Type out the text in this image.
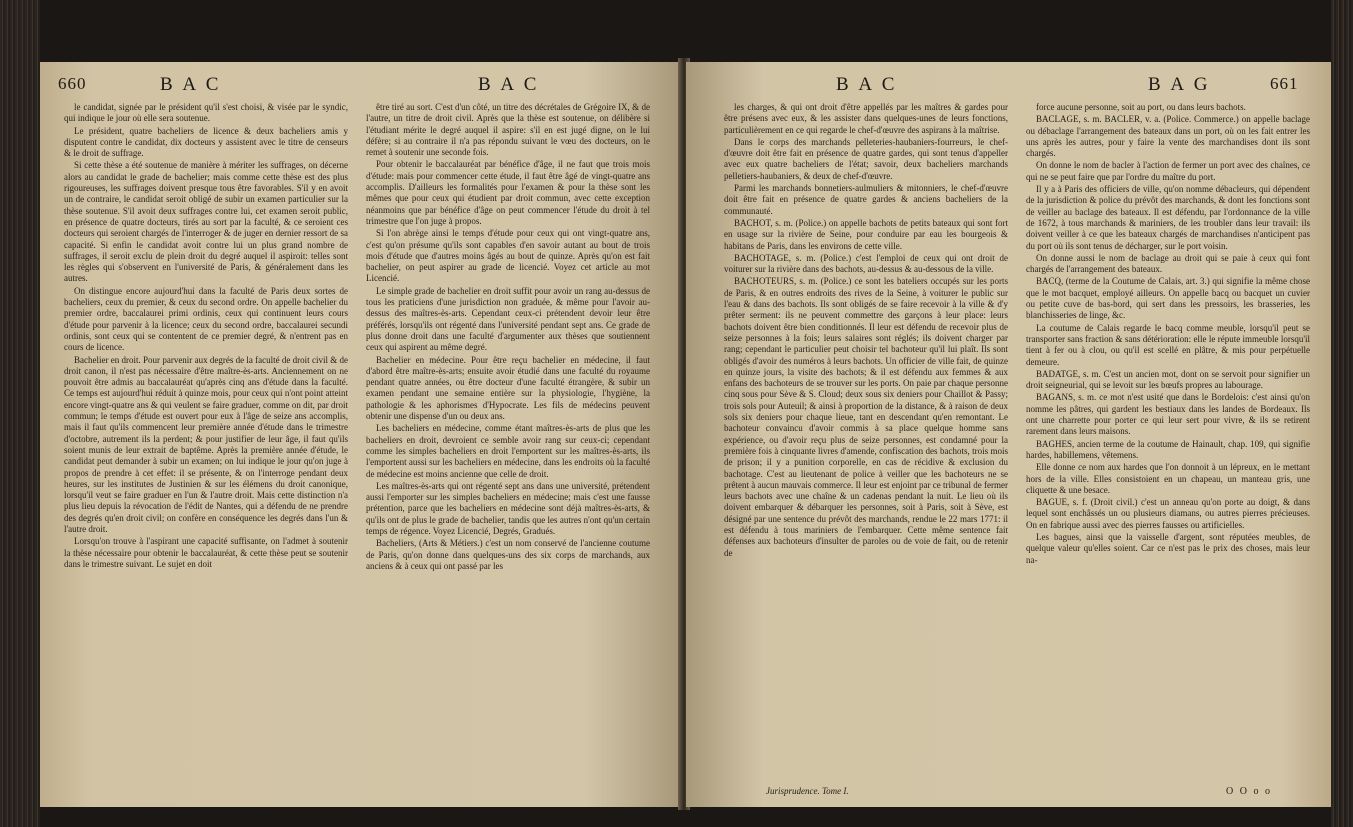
660	B A C	B A C

le candidat, signée par le président qu'il s'est choisi, & visée par le syndic, qui indique le jour où elle sera soutenue.

Le président, quatre bacheliers de licence & deux bacheliers amis y disputent contre le candidat, dix docteurs y assistent avec le titre de censeurs & le droit de suffrage.

Si cette thèse a été soutenue de manière à mériter les suffrages, on décerne alors au candidat le grade de bachelier; mais comme cette thèse est des plus rigoureuses, les suffrages doivent presque tous être favorables. S'il y en avoit un de contraire, le candidat seroit obligé de subir un examen particulier sur la thèse soutenue. S'il avoit deux suffrages contre lui, cet examen seroit public, en présence de quatre docteurs, tirés au sort par la faculté, & ce seroient ces docteurs qui seroient chargés de l'interroger & de juger en dernier ressort de sa capacité. Si enfin le candidat avoit contre lui un plus grand nombre de suffrages, il seroit exclu de plein droit du degré auquel il aspiroit: telles sont les règles qui s'observent en l'université de Paris, & généralement dans les autres.

On distingue encore aujourd'hui dans la faculté de Paris deux sortes de bacheliers, ceux du premier, & ceux du second ordre. On appelle bachelier du premier ordre, baccalaurei primi ordinis, ceux qui continuent leurs cours d'étude pour parvenir à la licence; ceux du second ordre, baccalaurei secundi ordinis, sont ceux qui se contentent de ce premier degré, & n'entrent pas en cours de licence.

Bachelier en droit. Pour parvenir aux degrés de la faculté de droit civil & de droit canon, il n'est pas nécessaire d'être maître-ès-arts. Anciennement on ne pouvoit être admis au baccalauréat qu'après cinq ans d'étude dans la faculté. Ce temps est aujourd'hui réduit à quinze mois, pour ceux qui n'ont point atteint encore vingt-quatre ans & qui veulent se faire graduer, comme on dit, par droit commun; le temps d'étude est ouvert pour eux à l'âge de seize ans accomplis, mais il faut qu'ils commencent leur première année d'étude dans le trimestre d'octobre, autrement ils la perdent; & pour justifier de leur âge, il faut qu'ils soient munis de leur extrait de baptême. Après la première année d'étude, le candidat peut demander à subir un examen; on lui indique le jour qu'on juge à propos de prendre à cet effet: il se présente, & on l'interroge pendant deux heures, sur les institutes de Justinien & sur les élémens du droit canonique, lorsqu'il veut se faire graduer en l'un & l'autre droit. Mais cette distinction n'a plus lieu depuis la révocation de l'édit de Nantes, qui a défendu de ne prendre des degrés qu'en droit civil; on confère en conséquence les degrés dans l'un & l'autre droit.

Lorsqu'on trouve à l'aspirant une capacité suffisante, on l'admet à soutenir la thèse nécessaire pour obtenir le baccalauréat, & cette thèse peut se soutenir dans le trimestre suivant. Le sujet en doit

être tiré au sort. C'est d'un côté, un titre des décrétales de Grégoire IX, & de l'autre, un titre de droit civil. Après que la thèse est soutenue, on délibère si l'étudiant mérite le degré auquel il aspire: s'il en est jugé digne, on le lui défère; si au contraire il n'a pas répondu suivant le vœu des docteurs, on le remet à soutenir une seconde fois.

Pour obtenir le baccalauréat par bénéfice d'âge, il ne faut que trois mois d'étude: mais pour commencer cette étude, il faut être âgé de vingt-quatre ans accomplis. D'ailleurs les formalités pour l'examen & pour la thèse sont les mêmes que pour ceux qui étudient par droit commun, avec cette exception néanmoins que par bénéfice d'âge on peut commencer l'étude du droit à tel trimestre que l'on juge à propos.

Si l'on abrège ainsi le temps d'étude pour ceux qui ont vingt-quatre ans, c'est qu'on présume qu'ils sont capables d'en savoir autant au bout de trois mois d'étude que d'autres moins âgés au bout de quinze. Après qu'on est fait bachelier, on peut aspirer au grade de licencié. Voyez cet article au mot Licencié.

Le simple grade de bachelier en droit suffit pour avoir un rang au-dessus de tous les praticiens d'une jurisdiction non graduée, & même pour l'avoir au-dessus des maîtres-ès-arts. Cependant ceux-ci prétendent devoir leur être préférés, lorsqu'ils ont régenté dans l'université pendant sept ans. Ce grade de plus donne droit dans une faculté d'argumenter aux thèses que soutiennent ceux qui aspirent au même degré.

Bachelier en médecine. Pour être reçu bachelier en médecine, il faut d'abord être maître-ès-arts; ensuite avoir étudié dans une faculté du royaume pendant quatre années, ou être docteur d'une faculté étrangère, & subir un examen pendant une semaine entière sur la physiologie, l'hygiène, la pathologie & les aphorismes d'Hypocrate. Les fils de médecins peuvent obtenir une dispense d'un ou deux ans.

Les bacheliers en médecine, comme étant maîtres-ès-arts de plus que les bacheliers en droit, devroient ce semble avoir rang sur ceux-ci; cependant comme les simples bacheliers en droit l'emportent sur les maîtres-ès-arts, ils l'emportent aussi sur les bacheliers en médecine, dans les endroits où la faculté de médecine est moins ancienne que celle de droit.

Les maîtres-ès-arts qui ont régenté sept ans dans une université, prétendent aussi l'emporter sur les simples bacheliers en médecine; mais c'est une fausse prétention, parce que les bacheliers en médecine sont déjà maîtres-ès-arts, & qu'ils ont de plus le grade de bachelier, tandis que les autres n'ont qu'un certain temps de régence. Voyez Licencié, Degrés, Gradués.

Bacheliers, (Arts & Métiers.) c'est un nom conservé de l'ancienne coutume de Paris, qu'on donne dans quelques-uns des six corps de marchands, aux anciens & à ceux qui ont passé par les

B A C	B A G	661

les charges, & qui ont droit d'être appellés par les maîtres & gardes pour être présens avec eux, & les assister dans quelques-unes de leurs fonctions, particulièrement en ce qui regarde le chef-d'œuvre des aspirans à la maîtrise.

Dans le corps des marchands pelleteries-haubaniers-fourreurs, le chef-d'œuvre doit être fait en présence de quatre gardes, qui sont tenus d'appeller avec eux quatre bacheliers de l'état; savoir, deux bacheliers marchands pelletiers-haubaniers, & deux de chef-d'œuvre.

Parmi les marchands bonnetiers-aulmuliers & mitonniers, le chef-d'œuvre doit être fait en présence de quatre gardes & anciens bacheliers de la communauté.

BACHOT, s. m. (Police.) on appelle bachots de petits bateaux qui sont fort en usage sur la rivière de Seine, pour conduire par eau les bourgeois & habitans de Paris, dans les environs de cette ville.

BACHOTAGE, s. m. (Police.) c'est l'emploi de ceux qui ont droit de voiturer sur la rivière dans des bachots, au-dessus & au-dessous de la ville.

BACHOTEURS, s. m. (Police.) ce sont les bateliers occupés sur les ports de Paris, & en outres endroits des rives de la Seine, à voiturer le public sur l'eau & dans des bachots. Ils sont obligés de se faire recevoir à la ville & d'y prêter serment: ils ne peuvent commettre des garçons à leur place: leurs bachots doivent être bien conditionnés. Il leur est défendu de recevoir plus de seize personnes à la fois; leurs salaires sont réglés; ils doivent charger par rang; cependant le particulier peut choisir tel bachoteur qu'il lui plaît. Ils sont obligés d'avoir des numéros à leurs bachots. Un officier de ville fait, de quinze en quinze jours, la visite des bachots; & il est défendu aux femmes & aux enfans des bachoteurs de se trouver sur les ports. On paie par chaque personne cinq sous pour Sève & S. Cloud; deux sous six deniers pour Chaillot & Passy; trois sols pour Auteuil; & ainsi à proportion de la distance, & à raison de deux sols six deniers pour chaque lieue, tant en descendant qu'en remontant. Le bachoteur convaincu d'avoir commis à sa place quelque homme sans expérience, ou d'avoir reçu plus de seize personnes, est condamné pour la première fois à cinquante livres d'amende, confiscation des bachots, trois mois de prison; il y a punition corporelle, en cas de récidive & exclusion du bachotage. C'est au lieutenant de police à veiller que les bachoteurs ne se prêtent à aucun mauvais commerce. Il leur est enjoint par ce tribunal de fermer leurs bachots avec une chaîne & un cadenas pendant la nuit. Le lieu où ils doivent embarquer & débarquer les personnes, soit à Paris, soit à Sève, est désigné par une sentence du prévôt des marchands, rendue le 22 mars 1771: il est défendu à tous mariniers de l'embarquer. Cette même sentence fait défenses aux bachoteurs d'insulter de paroles ou de voie de fait, ou de retenir de

force aucune personne, soit au port, ou dans leurs bachots.

BACLAGE, s. m. BACLER, v. a. (Police. Commerce.) on appelle baclage ou débaclage l'arrangement des bateaux dans un port, où on les fait entrer les uns après les autres, pour y faire la vente des marchandises dont ils sont chargés.

On donne le nom de bacler à l'action de fermer un port avec des chaînes, ce qui ne se peut faire que par l'ordre du maître du port.

Il y a à Paris des officiers de ville, qu'on nomme débacleurs, qui dépendent de la jurisdiction & police du prévôt des marchands, & dont les fonctions sont de veiller au baclage des bateaux. Il est défendu, par l'ordonnance de la ville de 1672, à tous marchands & mariniers, de les troubler dans leur travail: ils doivent veiller à ce que les bateaux chargés de marchandises n'anticipent pas du port où ils sont tenus de décharger, sur le port voisin.

On donne aussi le nom de baclage au droit qui se paie à ceux qui font chargés de l'arrangement des bateaux.

BACQ, (terme de la Coutume de Calais, art. 3.) qui signifie la même chose que le mot bacquet, employé ailleurs. On appelle bacq ou bacquet un cuvier ou petite cuve de bas-bord, qui sert dans les pressoirs, les brasseries, les blanchisseries de linge, &c.

La coutume de Calais regarde le bacq comme meuble, lorsqu'il peut se transporter sans fraction & sans détérioration: elle le répute immeuble lorsqu'il tient à fer ou à clou, ou qu'il est scellé en plâtre, & mis pour perpétuelle demeure.

BADATGE, s. m. C'est un ancien mot, dont on se servoit pour signifier un droit seigneurial, qui se levoit sur les bœufs propres au labourage.

BAGANS, s. m. ce mot n'est usité que dans le Bordelois: c'est ainsi qu'on nomme les pâtres, qui gardent les bestiaux dans les landes de Bordeaux. Ils ont une charrette pour porter ce qui leur sert pour vivre, & ils se retirent rarement dans leurs maisons.

BAGHES, ancien terme de la coutume de Hainault, chap. 109, qui signifie hardes, habillemens, vêtemens.

Elle donne ce nom aux hardes que l'on donnoit à un lépreux, en le mettant hors de la ville. Elles consistoient en un chapeau, un manteau gris, une cliquette & une besace.

BAGUE, s. f. (Droit civil.) c'est un anneau qu'on porte au doigt, & dans lequel sont enchâssés un ou plusieurs diamans, ou autres pierres précieuses. On en fabrique aussi avec des pierres fausses ou artificielles.

Les bagues, ainsi que la vaisselle d'argent, sont réputées meubles, de quelque valeur qu'elles soient. Car ce n'est pas le prix des choses, mais leur na-

Jurisprudence. Tome I.	O O o o
